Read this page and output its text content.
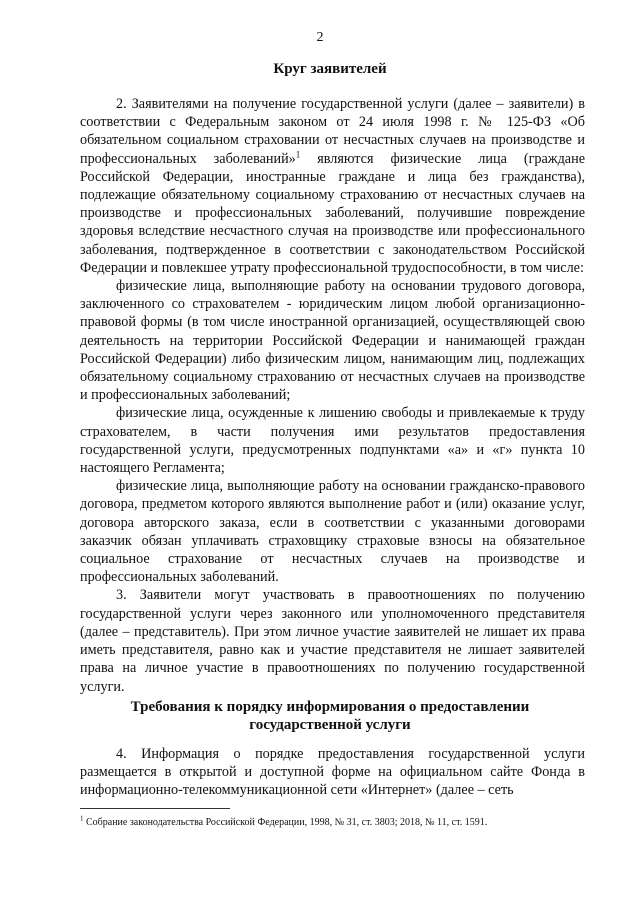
2
Круг заявителей

2. Заявителями на получение государственной услуги (далее – заявители) в соответствии с Федеральным законом от 24 июля 1998 г. № 125-ФЗ «Об обязательном социальном страховании от несчастных случаев на производстве и профессиональных заболеваний»$^1$ являются физические лица (граждане Российской Федерации, иностранные граждане и лица без гражданства), подлежащие обязательному социальному страхованию от несчастных случаев на производстве и профессиональных заболеваний, получившие повреждение здоровья вследствие несчастного случая на производстве или профессионального заболевания, подтвержденное в соответствии с законодательством Российской Федерации и повлекшее утрату профессиональной трудоспособности, в том числе:

физические лица, выполняющие работу на основании трудового договора, заключенного со страхователем - юридическим лицом любой организационно-правовой формы (в том числе иностранной организацией, осуществляющей свою деятельность на территории Российской Федерации и нанимающей граждан Российской Федерации) либо физическим лицом, нанимающим лиц, подлежащих обязательному социальному страхованию от несчастных случаев на производстве и профессиональных заболеваний;

физические лица, осужденные к лишению свободы и привлекаемые к труду страхователем, в части получения ими результатов предоставления государственной услуги, предусмотренных подпунктами «а» и «г» пункта 10 настоящего Регламента;

физические лица, выполняющие работу на основании гражданско-правового договора, предметом которого являются выполнение работ и (или) оказание услуг, договора авторского заказа, если в соответствии с указанными договорами заказчик обязан уплачивать страховщику страховые взносы на обязательное социальное страхование от несчастных случаев на производстве и профессиональных заболеваний.

3. Заявители могут участвовать в правоотношениях по получению государственной услуги через законного или уполномоченного представителя (далее – представитель). При этом личное участие заявителей не лишает их права иметь представителя, равно как и участие представителя не лишает заявителей права на личное участие в правоотношениях по получению государственной услуги.

Требования к порядку информирования о предоставлении
государственной услуги

4. Информация о порядке предоставления государственной услуги размещается в открытой и доступной форме на официальном сайте Фонда в информационно-телекоммуникационной сети «Интернет» (далее – сеть

$^1$ Собрание законодательства Российской Федерации, 1998, № 31, ст. 3803; 2018, № 11, ст. 1591.
